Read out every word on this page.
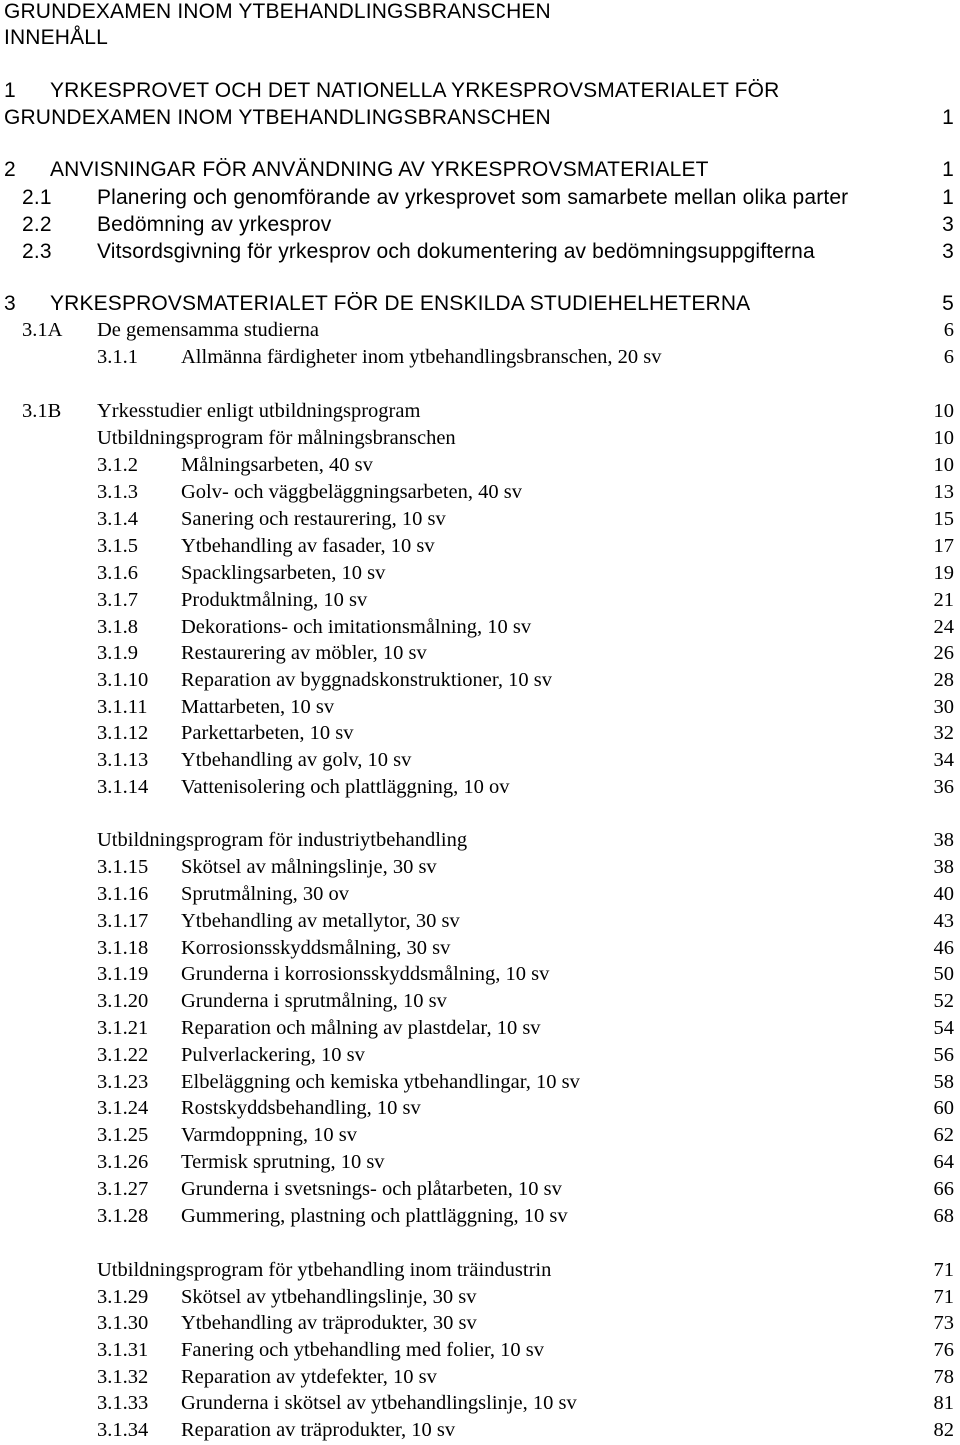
GRUNDEXAMEN INOM YTBEHANDLINGSBRANSCHEN
INNEHÅLL
1 YRKESPROVET OCH DET NATIONELLA YRKESPROVSMATERIALET FÖR
GRUNDEXAMEN INOM YTBEHANDLINGSBRANSCHEN	1
2 ANVISNINGAR FÖR ANVÄNDNING AV YRKESPROVSMATERIALET	1
2.1 Planering och genomförande av yrkesprovet som samarbete mellan olika parter	1
2.2 Bedömning av yrkesprov	3
2.3 Vitsordsgivning för yrkesprov och dokumentering av bedömningsuppgifterna	3
3 YRKESPROVSMATERIALET FÖR DE ENSKILDA STUDIEHELHETERNA	5
3.1A De gemensamma studierna	6
3.1.1 Allmänna färdigheter inom ytbehandlingsbranschen, 20 sv	6
3.1B Yrkesstudier enligt utbildningsprogram	10
Utbildningsprogram för målningsbranschen	10
3.1.2 Målningsarbeten, 40 sv	10
3.1.3 Golv- och väggbeläggningsarbeten, 40 sv	13
3.1.4 Sanering och restaurering, 10 sv	15
3.1.5 Ytbehandling av fasader, 10 sv	17
3.1.6 Spacklingsarbeten, 10 sv	19
3.1.7 Produktmålning, 10 sv	21
3.1.8 Dekorations- och imitationsmålning, 10 sv	24
3.1.9 Restaurering av möbler, 10 sv	26
3.1.10 Reparation av byggnadskonstruktioner, 10 sv	28
3.1.11 Mattarbeten, 10 sv	30
3.1.12 Parkettarbeten, 10 sv	32
3.1.13 Ytbehandling av golv, 10 sv	34
3.1.14 Vattenisolering och plattläggning, 10 ov	36
Utbildningsprogram för industriytbehandling	38
3.1.15 Skötsel av målningslinje, 30 sv	38
3.1.16 Sprutmålning, 30 ov	40
3.1.17 Ytbehandling av metallytor, 30 sv	43
3.1.18 Korrosionsskyddsmålning, 30 sv	46
3.1.19 Grunderna i korrosionsskyddsmålning, 10 sv	50
3.1.20 Grunderna i sprutmålning, 10 sv	52
3.1.21 Reparation och målning av plastdelar, 10 sv	54
3.1.22 Pulverlackering, 10 sv	56
3.1.23 Elbeläggning och kemiska ytbehandlingar, 10 sv	58
3.1.24 Rostskyddsbehandling, 10 sv	60
3.1.25 Varmdoppning, 10 sv	62
3.1.26 Termisk sprutning, 10 sv	64
3.1.27 Grunderna i svetsnings- och plåtarbeten, 10 sv	66
3.1.28 Gummering, plastning och plattläggning, 10 sv	68
Utbildningsprogram för ytbehandling inom träindustrin	71
3.1.29 Skötsel av ytbehandlingslinje, 30 sv	71
3.1.30 Ytbehandling av träprodukter, 30 sv	73
3.1.31 Fanering och ytbehandling med folier, 10 sv	76
3.1.32 Reparation av ytdefekter, 10 sv	78
3.1.33 Grunderna i skötsel av ytbehandlingslinje, 10 sv	81
3.1.34 Reparation av träprodukter, 10 sv	82
